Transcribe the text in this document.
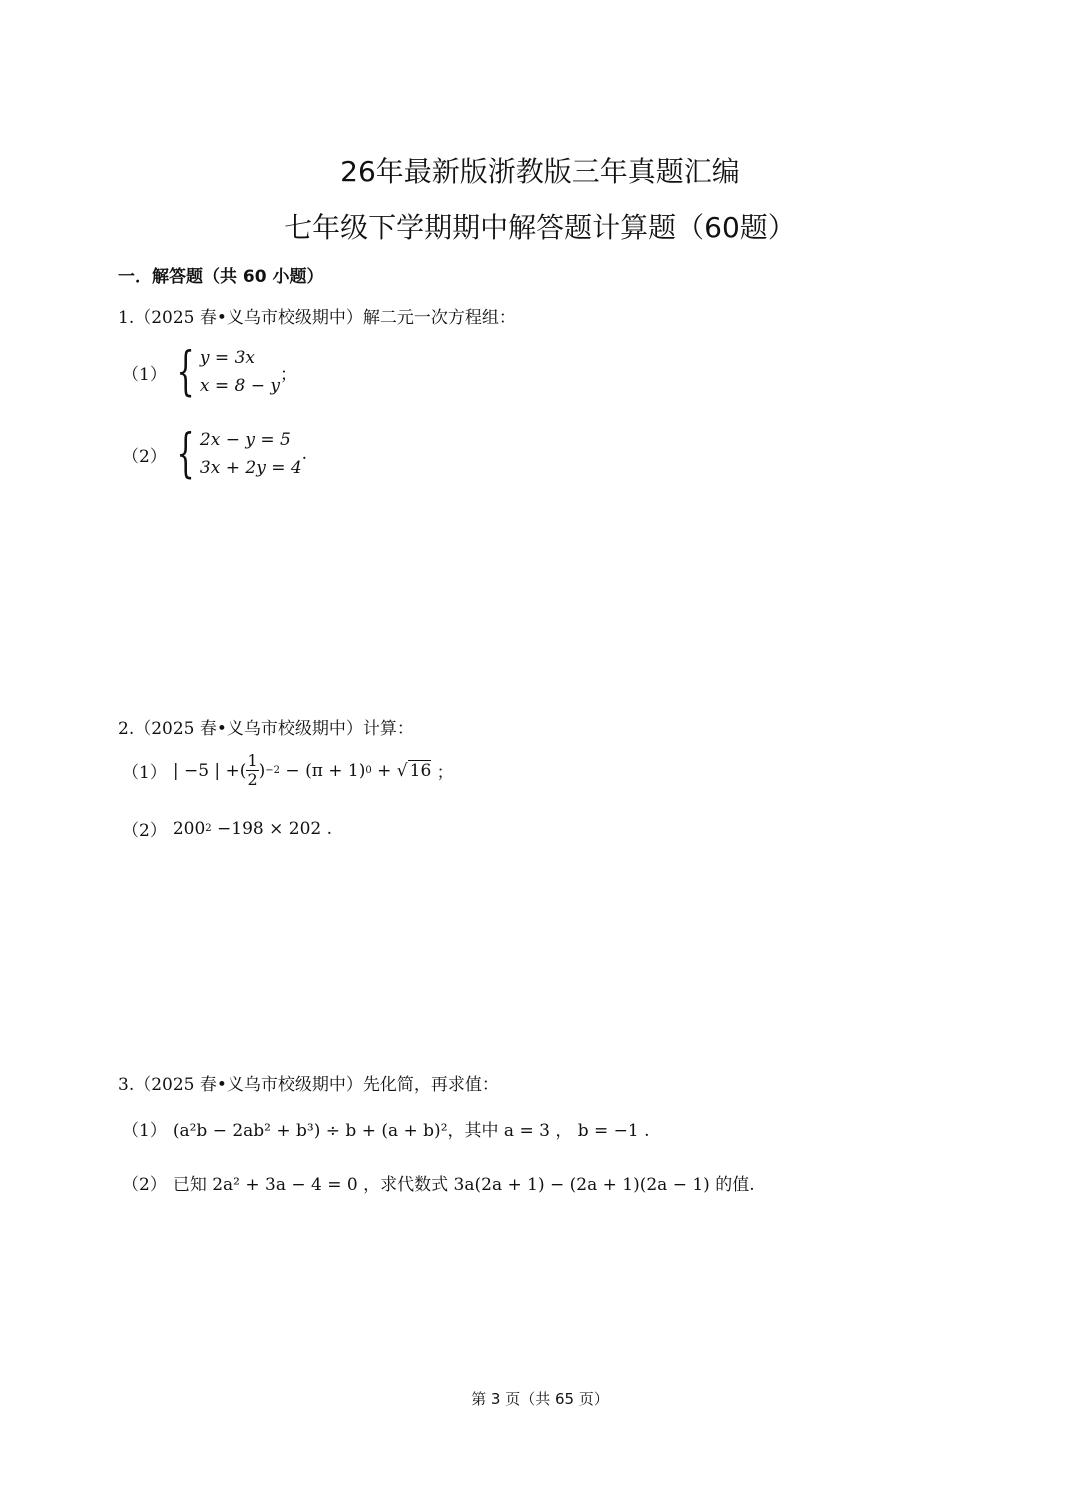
26年最新版浙教版三年真题汇编
七年级下学期期中解答题计算题（60题）
一．解答题（共 60 小题）
1.（2025 春•义乌市校级期中）解二元一次方程组：
（1） { y = 3x
x = 8 − y
；
（2） { 2x − y = 5
3x + 2y = 4
.
2.（2025 春•义乌市校级期中）计算：
（1） | −5 | +( $\frac{1}{2}$ ) −2 − (π + 1) 0 + √ 16 ；
（2） 200 2 −198 × 202 .
3.（2025 春•义乌市校级期中）先化简，再求值：
（1） (a²b − 2ab² + b³) ÷ b + (a + b)²，其中 a = 3 ， b = −1 .
（2） 已知 2a² + 3a − 4 = 0 ，求代数式 3a(2a + 1) − (2a + 1)(2a − 1) 的值.
第 3 页（共 65 页）
